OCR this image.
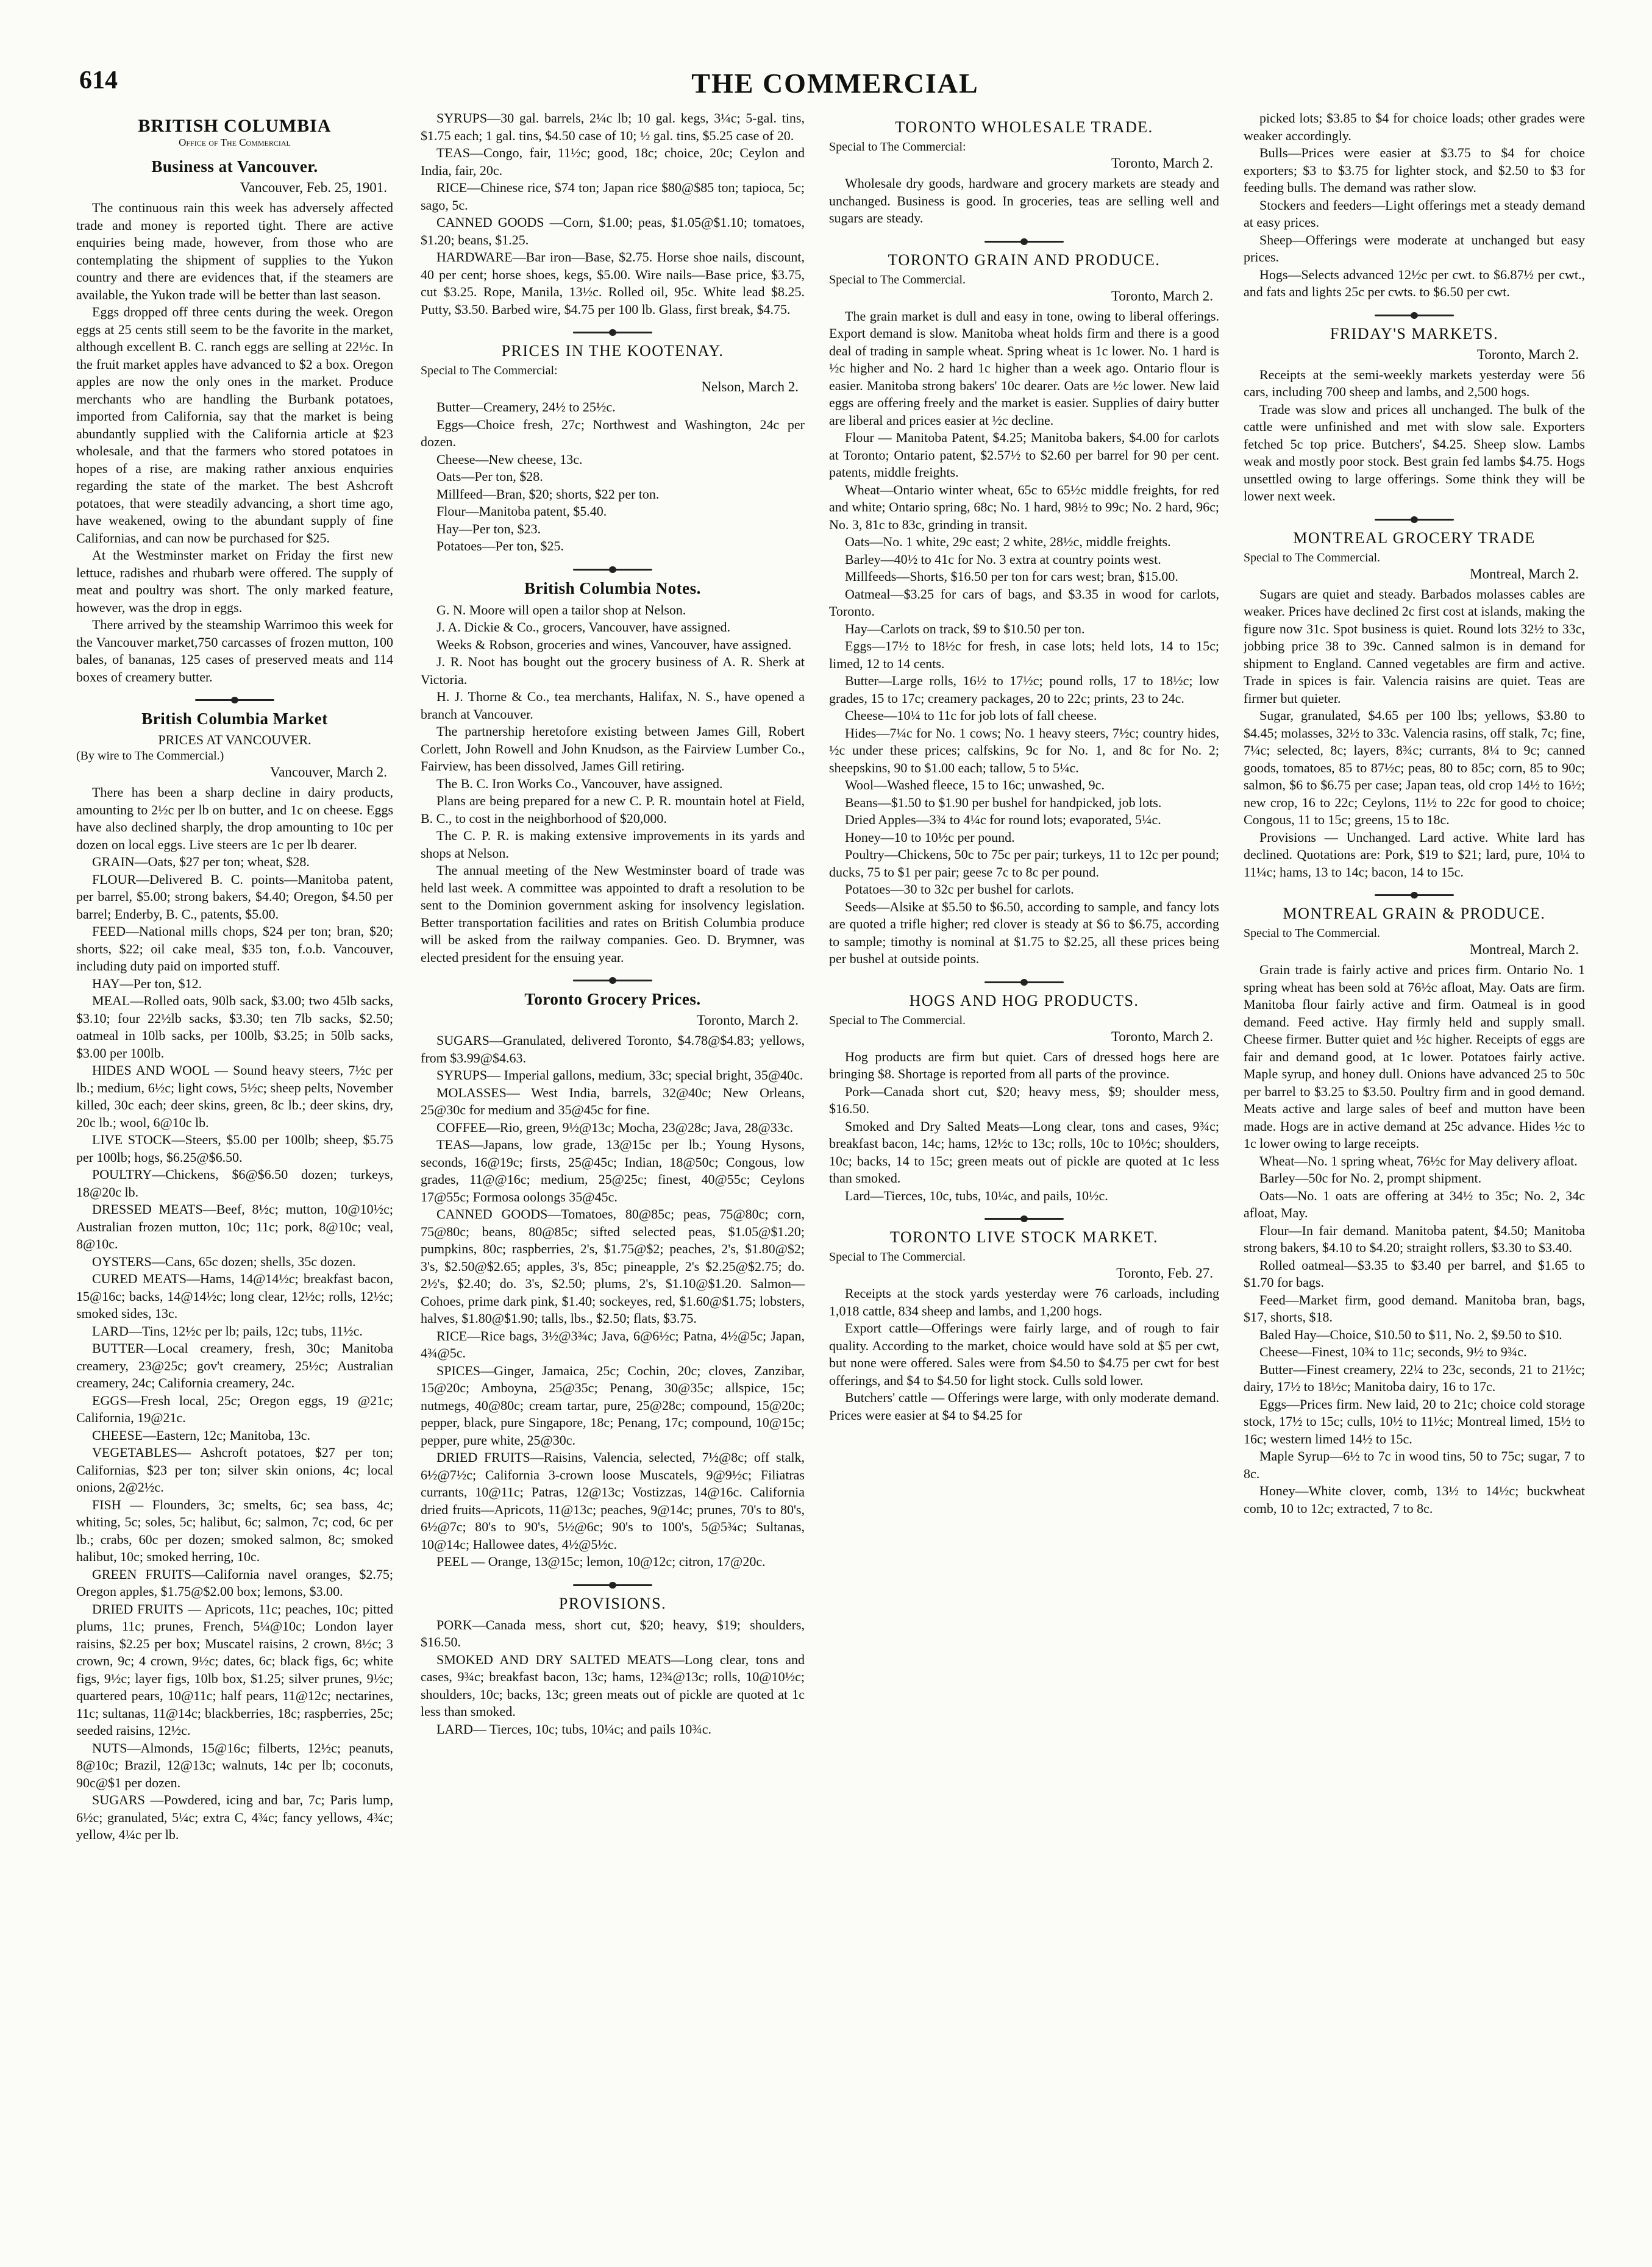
614	THE COMMERCIAL
BRITISH COLUMBIA
Office of The Commercial
Business at Vancouver.
Vancouver, Feb. 25, 1901.

The continuous rain this week has adversely affected trade and money is reported tight. There are active enquiries being made, however, from those who are contemplating the shipment of supplies to the Yukon country and there are evidences that, if the steamers are available, the Yukon trade will be better than last season.

Eggs dropped off three cents during the week. Oregon eggs at 25 cents still seem to be the favorite in the market, although excellent B. C. ranch eggs are selling at 22½c. In the fruit market apples have advanced to $2 a box. Oregon apples are now the only ones in the market. Produce merchants who are handling the Burbank potatoes, imported from California, say that the market is being abundantly supplied with the California article at $23 wholesale, and that the farmers who stored potatoes in hopes of a rise, are making rather anxious enquiries regarding the state of the market. The best Ashcroft potatoes, that were steadily advancing, a short time ago, have weakened, owing to the abundant supply of fine Californias, and can now be purchased for $25.

At the Westminster market on Friday the first new lettuce, radishes and rhubarb were offered. The supply of meat and poultry was short. The only marked feature, however, was the drop in eggs.

There arrived by the steamship Warrimoo this week for the Vancouver market,750 carcasses of frozen mutton, 100 bales, of bananas, 125 cases of preserved meats and 114 boxes of creamery butter.

British Columbia Market
PRICES AT VANCOUVER.
(By wire to The Commercial.)
Vancouver, March 2.

There has been a sharp decline in dairy products, amounting to 2½c per lb on butter, and 1c on cheese. Eggs have also declined sharply, the drop amounting to 10c per dozen on local eggs. Live steers are 1c per lb dearer.

GRAIN—Oats, $27 per ton; wheat, $28.

FLOUR—Delivered B. C. points—Manitoba patent, per barrel, $5.00; strong bakers, $4.40; Oregon, $4.50 per barrel; Enderby, B. C., patents, $5.00.

FEED—National mills chops, $24 per ton; bran, $20; shorts, $22; oil cake meal, $35 ton, f.o.b. Vancouver, including duty paid on imported stuff.

HAY—Per ton, $12.

MEAL—Rolled oats, 90lb sack, $3.00; two 45lb sacks, $3.10; four 22½lb sacks, $3.30; ten 7lb sacks, $2.50; oatmeal in 10lb sacks, per 100lb, $3.25; in 50lb sacks, $3.00 per 100lb.

HIDES AND WOOL — Sound heavy steers, 7½c per lb.; medium, 6½c; light cows, 5½c; sheep pelts, November killed, 30c each; deer skins, green, 8c lb.; deer skins, dry, 20c lb.; wool, 6@10c lb.

LIVE STOCK—Steers, $5.00 per 100lb; sheep, $5.75 per 100lb; hogs, $6.25@$6.50.

POULTRY—Chickens, $6@$6.50 dozen; turkeys, 18@20c lb.

DRESSED MEATS—Beef, 8½c; mutton, 10@10½c; Australian frozen mutton, 10c; 11c; pork, 8@10c; veal, 8@10c.

OYSTERS—Cans, 65c dozen; shells, 35c dozen.

CURED MEATS—Hams, 14@14½c; breakfast bacon, 15@16c; backs, 14@14½c; long clear, 12½c; rolls, 12½c; smoked sides, 13c.

LARD—Tins, 12½c per lb; pails, 12c; tubs, 11½c.

BUTTER—Local creamery, fresh, 30c; Manitoba creamery, 23@25c; gov't creamery, 25½c; Australian creamery, 24c; California creamery, 24c.

EGGS—Fresh local, 25c; Oregon eggs, 19 @21c; California, 19@21c.

CHEESE—Eastern, 12c; Manitoba, 13c.

VEGETABLES— Ashcroft potatoes, $27 per ton; Californias, $23 per ton; silver skin onions, 4c; local onions, 2@2½c.

FISH — Flounders, 3c; smelts, 6c; sea bass, 4c; whiting, 5c; soles, 5c; halibut, 6c; salmon, 7c; cod, 6c per lb.; crabs, 60c per dozen; smoked salmon, 8c; smoked halibut, 10c; smoked herring, 10c.

GREEN FRUITS—California navel oranges, $2.75; Oregon apples, $1.75@$2.00 box; lemons, $3.00.

DRIED FRUITS — Apricots, 11c; peaches, 10c; pitted plums, 11c; prunes, French, 5¼@10c; London layer raisins, $2.25 per box; Muscatel raisins, 2 crown, 8½c; 3 crown, 9c; 4 crown, 9½c; dates, 6c; black figs, 6c; white figs, 9½c; layer figs, 10lb box, $1.25; silver prunes, 9½c; quartered pears, 10@11c; half pears, 11@12c; nectarines, 11c; sultanas, 11@14c; blackberries, 18c; raspberries, 25c; seeded raisins, 12½c.

NUTS—Almonds, 15@16c; filberts, 12½c; peanuts, 8@10c; Brazil, 12@13c; walnuts, 14c per lb; coconuts, 90c@$1 per dozen.

SUGARS —Powdered, icing and bar, 7c; Paris lump, 6½c; granulated, 5¼c; extra C, 4¾c; fancy yellows, 4¾c; yellow, 4¼c per lb.

SYRUPS—30 gal. barrels, 2¼c lb; 10 gal. kegs, 3¼c; 5-gal. tins, $1.75 each; 1 gal. tins, $4.50 case of 10; ½ gal. tins, $5.25 case of 20.

TEAS—Congo, fair, 11½c; good, 18c; choice, 20c; Ceylon and India, fair, 20c.

RICE—Chinese rice, $74 ton; Japan rice $80@$85 ton; tapioca, 5c; sago, 5c.

CANNED GOODS —Corn, $1.00; peas, $1.05@$1.10; tomatoes, $1.20; beans, $1.25.

HARDWARE—Bar iron—Base, $2.75. Horse shoe nails, discount, 40 per cent; horse shoes, kegs, $5.00. Wire nails—Base price, $3.75, cut $3.25. Rope, Manila, 13½c. Rolled oil, 95c. White lead $8.25. Putty, $3.50. Barbed wire, $4.75 per 100 lb. Glass, first break, $4.75.

PRICES IN THE KOOTENAY.
Special to The Commercial:
Nelson, March 2.

Butter—Creamery, 24½ to 25½c.

Eggs—Choice fresh, 27c; Northwest and Washington, 24c per dozen.

Cheese—New cheese, 13c.

Oats—Per ton, $28.

Millfeed—Bran, $20; shorts, $22 per ton.

Flour—Manitoba patent, $5.40.

Hay—Per ton, $23.

Potatoes—Per ton, $25.

British Columbia Notes.

G. N. Moore will open a tailor shop at Nelson.

J. A. Dickie & Co., grocers, Vancouver, have assigned.

Weeks & Robson, groceries and wines, Vancouver, have assigned.

J. R. Noot has bought out the grocery business of A. R. Sherk at Victoria.

H. J. Thorne & Co., tea merchants, Halifax, N. S., have opened a branch at Vancouver.

The partnership heretofore existing between James Gill, Robert Corlett, John Rowell and John Knudson, as the Fairview Lumber Co., Fairview, has been dissolved, James Gill retiring.

The B. C. Iron Works Co., Vancouver, have assigned.

Plans are being prepared for a new C. P. R. mountain hotel at Field, B. C., to cost in the neighborhood of $20,000.

The C. P. R. is making extensive improvements in its yards and shops at Nelson.

The annual meeting of the New Westminster board of trade was held last week. A committee was appointed to draft a resolution to be sent to the Dominion government asking for insolvency legislation. Better transportation facilities and rates on British Columbia produce will be asked from the railway companies. Geo. D. Brymner, was elected president for the ensuing year.

Toronto Grocery Prices.
Toronto, March 2.

SUGARS—Granulated, delivered Toronto, $4.78@$4.83; yellows, from $3.99@$4.63.

SYRUPS— Imperial gallons, medium, 33c; special bright, 35@40c.

MOLASSES— West India, barrels, 32@40c; New Orleans, 25@30c for medium and 35@45c for fine.

COFFEE—Rio, green, 9½@13c; Mocha, 23@28c; Java, 28@33c.

TEAS—Japans, low grade, 13@15c per lb.; Young Hysons, seconds, 16@19c; firsts, 25@45c; Indian, 18@50c; Congous, low grades, 11@@16c; medium, 25@25c; finest, 40@55c; Ceylons 17@55c; Formosa oolongs 35@45c.

CANNED GOODS—Tomatoes, 80@85c; peas, 75@80c; corn, 75@80c; beans, 80@85c; sifted selected peas, $1.05@$1.20; pumpkins, 80c; raspberries, 2's, $1.75@$2; peaches, 2's, $1.80@$2; 3's, $2.50@$2.65; apples, 3's, 85c; pineapple, 2's $2.25@$2.75; do. 2½'s, $2.40; do. 3's, $2.50; plums, 2's, $1.10@$1.20. Salmon—Cohoes, prime dark pink, $1.40; sockeyes, red, $1.60@$1.75; lobsters, halves, $1.80@$1.90; talls, lbs., $2.50; flats, $3.75.

RICE—Rice bags, 3½@3¾c; Java, 6@6½c; Patna, 4½@5c; Japan, 4¾@5c.

SPICES—Ginger, Jamaica, 25c; Cochin, 20c; cloves, Zanzibar, 15@20c; Amboyna, 25@35c; Penang, 30@35c; allspice, 15c; nutmegs, 40@80c; cream tartar, pure, 25@28c; compound, 15@20c; pepper, black, pure Singapore, 18c; Penang, 17c; compound, 10@15c; pepper, pure white, 25@30c.

DRIED FRUITS—Raisins, Valencia, selected, 7½@8c; off stalk, 6½@7½c; California 3-crown loose Muscatels, 9@9½c; Filiatras currants, 10@11c; Patras, 12@13c; Vostizzas, 14@16c. California dried fruits—Apricots, 11@13c; peaches, 9@14c; prunes, 70's to 80's, 6½@7c; 80's to 90's, 5½@6c; 90's to 100's, 5@5¾c; Sultanas, 10@14c; Hallowee dates, 4½@5½c.

PEEL — Orange, 13@15c; lemon, 10@12c; citron, 17@20c.

PROVISIONS.

PORK—Canada mess, short cut, $20; heavy, $19; shoulders, $16.50.

SMOKED AND DRY SALTED MEATS—Long clear, tons and cases, 9¾c; breakfast bacon, 13c; hams, 12¾@13c; rolls, 10@10½c; shoulders, 10c; backs, 13c; green meats out of pickle are quoted at 1c less than smoked.

LARD— Tierces, 10c; tubs, 10¼c; and pails 10¾c.

TORONTO WHOLESALE TRADE.
Special to The Commercial:
Toronto, March 2.

Wholesale dry goods, hardware and grocery markets are steady and unchanged. Business is good. In groceries, teas are selling well and sugars are steady.

TORONTO GRAIN AND PRODUCE.
Special to The Commercial.
Toronto, March 2.

The grain market is dull and easy in tone, owing to liberal offerings. Export demand is slow. Manitoba wheat holds firm and there is a good deal of trading in sample wheat. Spring wheat is 1c lower. No. 1 hard is ½c higher and No. 2 hard 1c higher than a week ago. Ontario flour is easier. Manitoba strong bakers' 10c dearer. Oats are ½c lower. New laid eggs are offering freely and the market is easier. Supplies of dairy butter are liberal and prices easier at ½c decline.

Flour — Manitoba Patent, $4.25; Manitoba bakers, $4.00 for carlots at Toronto; Ontario patent, $2.57½ to $2.60 per barrel for 90 per cent. patents, middle freights.

Wheat—Ontario winter wheat, 65c to 65½c middle freights, for red and white; Ontario spring, 68c; No. 1 hard, 98½ to 99c; No. 2 hard, 96c; No. 3, 81c to 83c, grinding in transit.

Oats—No. 1 white, 29c east; 2 white, 28½c, middle freights.

Barley—40½ to 41c for No. 3 extra at country points west.

Millfeeds—Shorts, $16.50 per ton for cars west; bran, $15.00.

Oatmeal—$3.25 for cars of bags, and $3.35 in wood for carlots, Toronto.

Hay—Carlots on track, $9 to $10.50 per ton.

Eggs—17½ to 18½c for fresh, in case lots; held lots, 14 to 15c; limed, 12 to 14 cents.

Butter—Large rolls, 16½ to 17½c; pound rolls, 17 to 18½c; low grades, 15 to 17c; creamery packages, 20 to 22c; prints, 23 to 24c.

Cheese—10¼ to 11c for job lots of fall cheese.

Hides—7¼c for No. 1 cows; No. 1 heavy steers, 7½c; country hides, ½c under these prices; calfskins, 9c for No. 1, and 8c for No. 2; sheepskins, 90 to $1.00 each; tallow, 5 to 5¼c.

Wool—Washed fleece, 15 to 16c; unwashed, 9c.

Beans—$1.50 to $1.90 per bushel for handpicked, job lots.

Dried Apples—3¾ to 4¼c for round lots; evaporated, 5¼c.

Honey—10 to 10½c per pound.

Poultry—Chickens, 50c to 75c per pair; turkeys, 11 to 12c per pound; ducks, 75 to $1 per pair; geese 7c to 8c per pound.

Potatoes—30 to 32c per bushel for carlots.

Seeds—Alsike at $5.50 to $6.50, according to sample, and fancy lots are quoted a trifle higher; red clover is steady at $6 to $6.75, according to sample; timothy is nominal at $1.75 to $2.25, all these prices being per bushel at outside points.

HOGS AND HOG PRODUCTS.
Special to The Commercial.
Toronto, March 2.

Hog products are firm but quiet. Cars of dressed hogs here are bringing $8. Shortage is reported from all parts of the province.

Pork—Canada short cut, $20; heavy mess, $9; shoulder mess, $16.50.

Smoked and Dry Salted Meats—Long clear, tons and cases, 9¾c; breakfast bacon, 14c; hams, 12½c to 13c; rolls, 10c to 10½c; shoulders, 10c; backs, 14 to 15c; green meats out of pickle are quoted at 1c less than smoked.

Lard—Tierces, 10c, tubs, 10¼c, and pails, 10½c.

TORONTO LIVE STOCK MARKET.
Special to The Commercial.
Toronto, Feb. 27.

Receipts at the stock yards yesterday were 76 carloads, including 1,018 cattle, 834 sheep and lambs, and 1,200 hogs.

Export cattle—Offerings were fairly large, and of rough to fair quality. According to the market, choice would have sold at $5 per cwt, but none were offered. Sales were from $4.50 to $4.75 per cwt for best offerings, and $4 to $4.50 for light stock. Culls sold lower.

Butchers' cattle — Offerings were large, with only moderate demand. Prices were easier at $4 to $4.25 for

picked lots; $3.85 to $4 for choice loads; other grades were weaker accordingly.

Bulls—Prices were easier at $3.75 to $4 for choice exporters; $3 to $3.75 for lighter stock, and $2.50 to $3 for feeding bulls. The demand was rather slow.

Stockers and feeders—Light offerings met a steady demand at easy prices.

Sheep—Offerings were moderate at unchanged but easy prices.

Hogs—Selects advanced 12½c per cwt. to $6.87½ per cwt., and fats and lights 25c per cwts. to $6.50 per cwt.

FRIDAY'S MARKETS.
Toronto, March 2.

Receipts at the semi-weekly markets yesterday were 56 cars, including 700 sheep and lambs, and 2,500 hogs.

Trade was slow and prices all unchanged. The bulk of the cattle were unfinished and met with slow sale. Exporters fetched 5c top price. Butchers', $4.25. Sheep slow. Lambs weak and mostly poor stock. Best grain fed lambs $4.75. Hogs unsettled owing to large offerings. Some think they will be lower next week.

MONTREAL GROCERY TRADE
Special to The Commercial.
Montreal, March 2.

Sugars are quiet and steady. Barbados molasses cables are weaker. Prices have declined 2c first cost at islands, making the figure now 31c. Spot business is quiet. Round lots 32½ to 33c, jobbing price 38 to 39c. Canned salmon is in demand for shipment to England. Canned vegetables are firm and active. Trade in spices is fair. Valencia raisins are quiet. Teas are firmer but quieter.

Sugar, granulated, $4.65 per 100 lbs; yellows, $3.80 to $4.45; molasses, 32½ to 33c. Valencia rasins, off stalk, 7c; fine, 7¼c; selected, 8c; layers, 8¾c; currants, 8¼ to 9c; canned goods, tomatoes, 85 to 87½c; peas, 80 to 85c; corn, 85 to 90c; salmon, $6 to $6.75 per case; Japan teas, old crop 14½ to 16½; new crop, 16 to 22c; Ceylons, 11½ to 22c for good to choice; Congous, 11 to 15c; greens, 15 to 18c.

Provisions — Unchanged. Lard active. White lard has declined. Quotations are: Pork, $19 to $21; lard, pure, 10¼ to 11¼c; hams, 13 to 14c; bacon, 14 to 15c.

MONTREAL GRAIN & PRODUCE.
Special to The Commercial.
Montreal, March 2.

Grain trade is fairly active and prices firm. Ontario No. 1 spring wheat has been sold at 76½c afloat, May. Oats are firm. Manitoba flour fairly active and firm. Oatmeal is in good demand. Feed active. Hay firmly held and supply small. Cheese firmer. Butter quiet and ½c higher. Receipts of eggs are fair and demand good, at 1c lower. Potatoes fairly active. Maple syrup, and honey dull. Onions have advanced 25 to 50c per barrel to $3.25 to $3.50. Poultry firm and in good demand. Meats active and large sales of beef and mutton have been made. Hogs are in active demand at 25c advance. Hides ½c to 1c lower owing to large receipts.

Wheat—No. 1 spring wheat, 76½c for May delivery afloat.

Barley—50c for No. 2, prompt shipment.

Oats—No. 1 oats are offering at 34½ to 35c; No. 2, 34c afloat, May.

Flour—In fair demand. Manitoba patent, $4.50; Manitoba strong bakers, $4.10 to $4.20; straight rollers, $3.30 to $3.40.

Rolled oatmeal—$3.35 to $3.40 per barrel, and $1.65 to $1.70 for bags.

Feed—Market firm, good demand. Manitoba bran, bags, $17, shorts, $18.

Baled Hay—Choice, $10.50 to $11, No. 2, $9.50 to $10.

Cheese—Finest, 10¾ to 11c; seconds, 9½ to 9¾c.

Butter—Finest creamery, 22¼ to 23c, seconds, 21 to 21½c; dairy, 17½ to 18½c; Manitoba dairy, 16 to 17c.

Eggs—Prices firm. New laid, 20 to 21c; choice cold storage stock, 17½ to 15c; culls, 10½ to 11½c; Montreal limed, 15½ to 16c; western limed 14½ to 15c.

Maple Syrup—6½ to 7c in wood tins, 50 to 75c; sugar, 7 to 8c.

Honey—White clover, comb, 13½ to 14½c; buckwheat comb, 10 to 12c; extracted, 7 to 8c.
